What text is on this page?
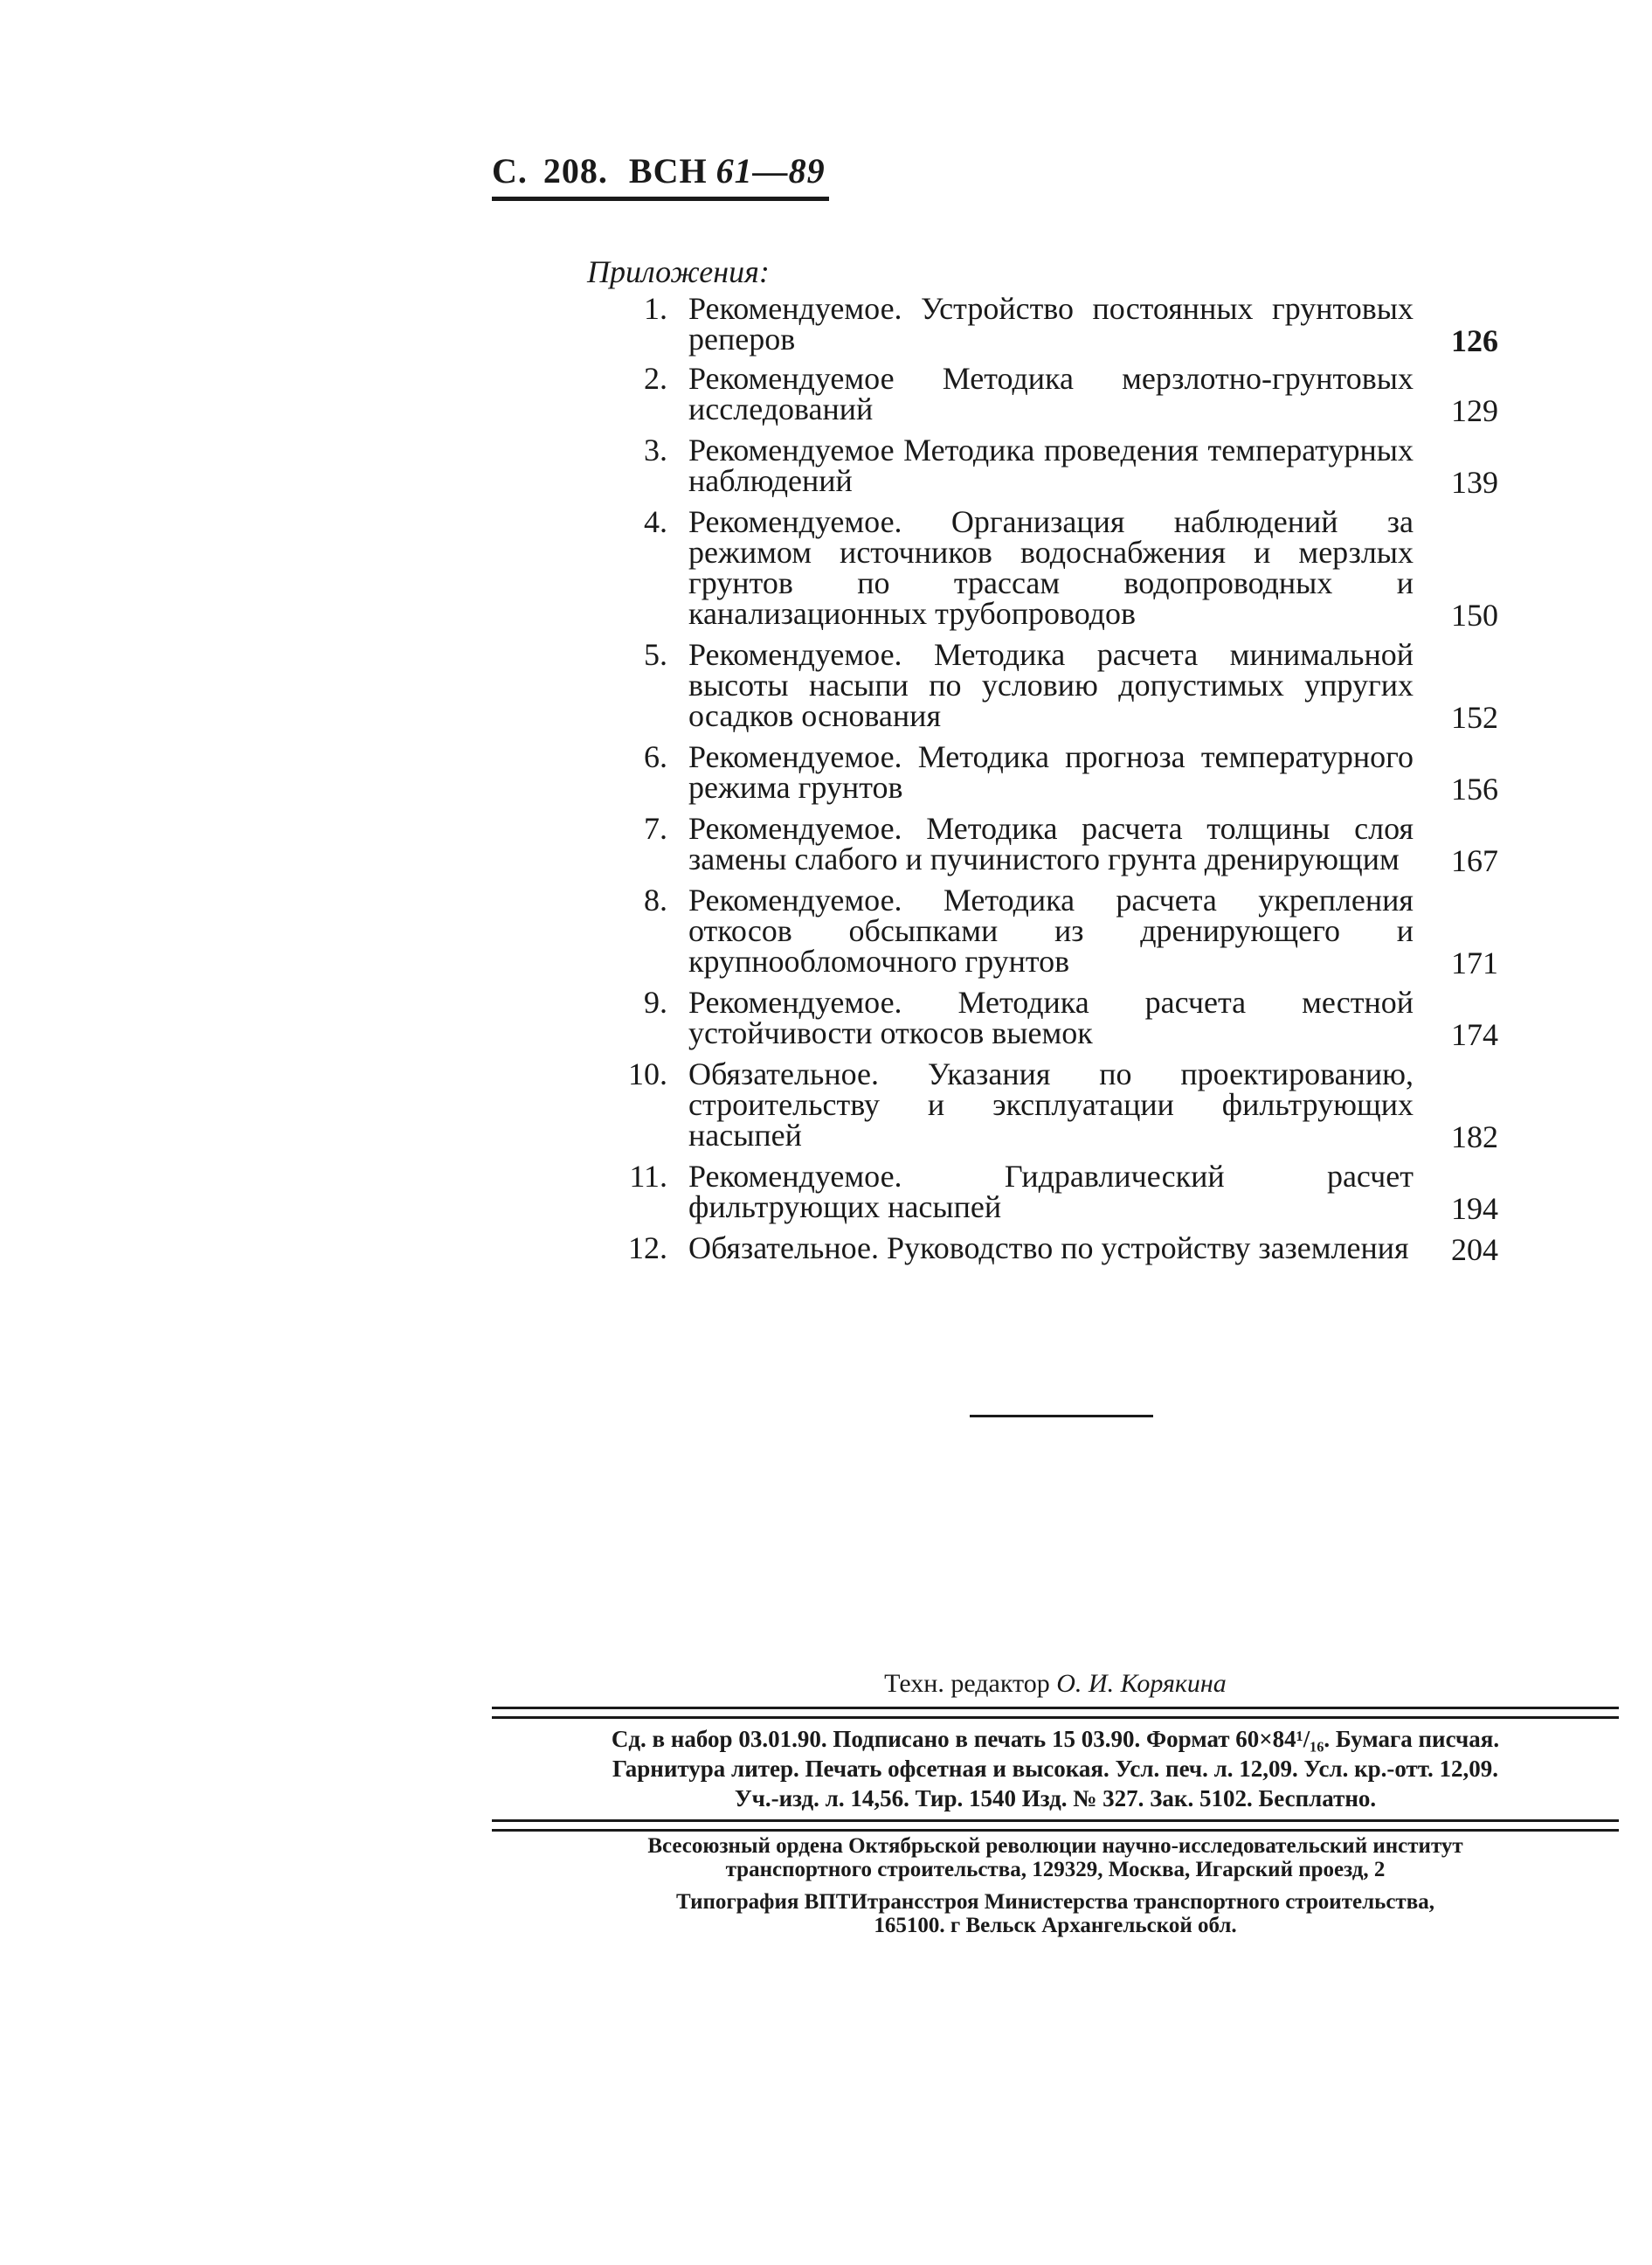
С. 208. ВСН 61—89
Приложения:
1. Рекомендуемое. Устройство постоянных грунтовых реперов	126
2. Рекомендуемое Методика мерзлотно-грунтовых исследований	129
3. Рекомендуемое Методика проведения температурных наблюдений	139
4. Рекомендуемое. Организация наблюдений за режимом источников водоснабжения и мерзлых грунтов по трассам водопроводных и канализационных трубопроводов	150
5. Рекомендуемое. Методика расчета минимальной высоты насыпи по условию допустимых упругих осадков основания	152
6. Рекомендуемое. Методика прогноза температурного режима грунтов	156
7. Рекомендуемое. Методика расчета толщины слоя замены слабого и пучинистого грунта дренирующим	167
8. Рекомендуемое. Методика расчета укрепления откосов обсыпками из дренирующего и крупнообломочного грунтов	171
9. Рекомендуемое. Методика расчета местной устойчивости откосов выемок	174
10. Обязательное. Указания по проектированию, строительству и эксплуатации фильтрующих насыпей	182
11. Рекомендуемое. Гидравлический расчет фильтрующих насыпей	194
12. Обязательное. Руководство по устройству заземления	204
Техн. редактор О. И. Корякина
Сд. в набор 03.01.90. Подписано в печать 15 03.90. Формат 60×84¹/₁₆. Бумага писчая.
Гарнитура литер. Печать офсетная и высокая. Усл. печ. л. 12,09. Усл. кр.-отт. 12,09.
Уч.-изд. л. 14,56. Тир. 1540 Изд. № 327. Зак. 5102. Бесплатно.
Всесоюзный ордена Октябрьской революции научно-исследовательский институт
транспортного строительства, 129329, Москва, Игарский проезд, 2
Типография ВПТИтрансстроя Министерства транспортного строительства,
165100. г Вельск Архангельской обл.
